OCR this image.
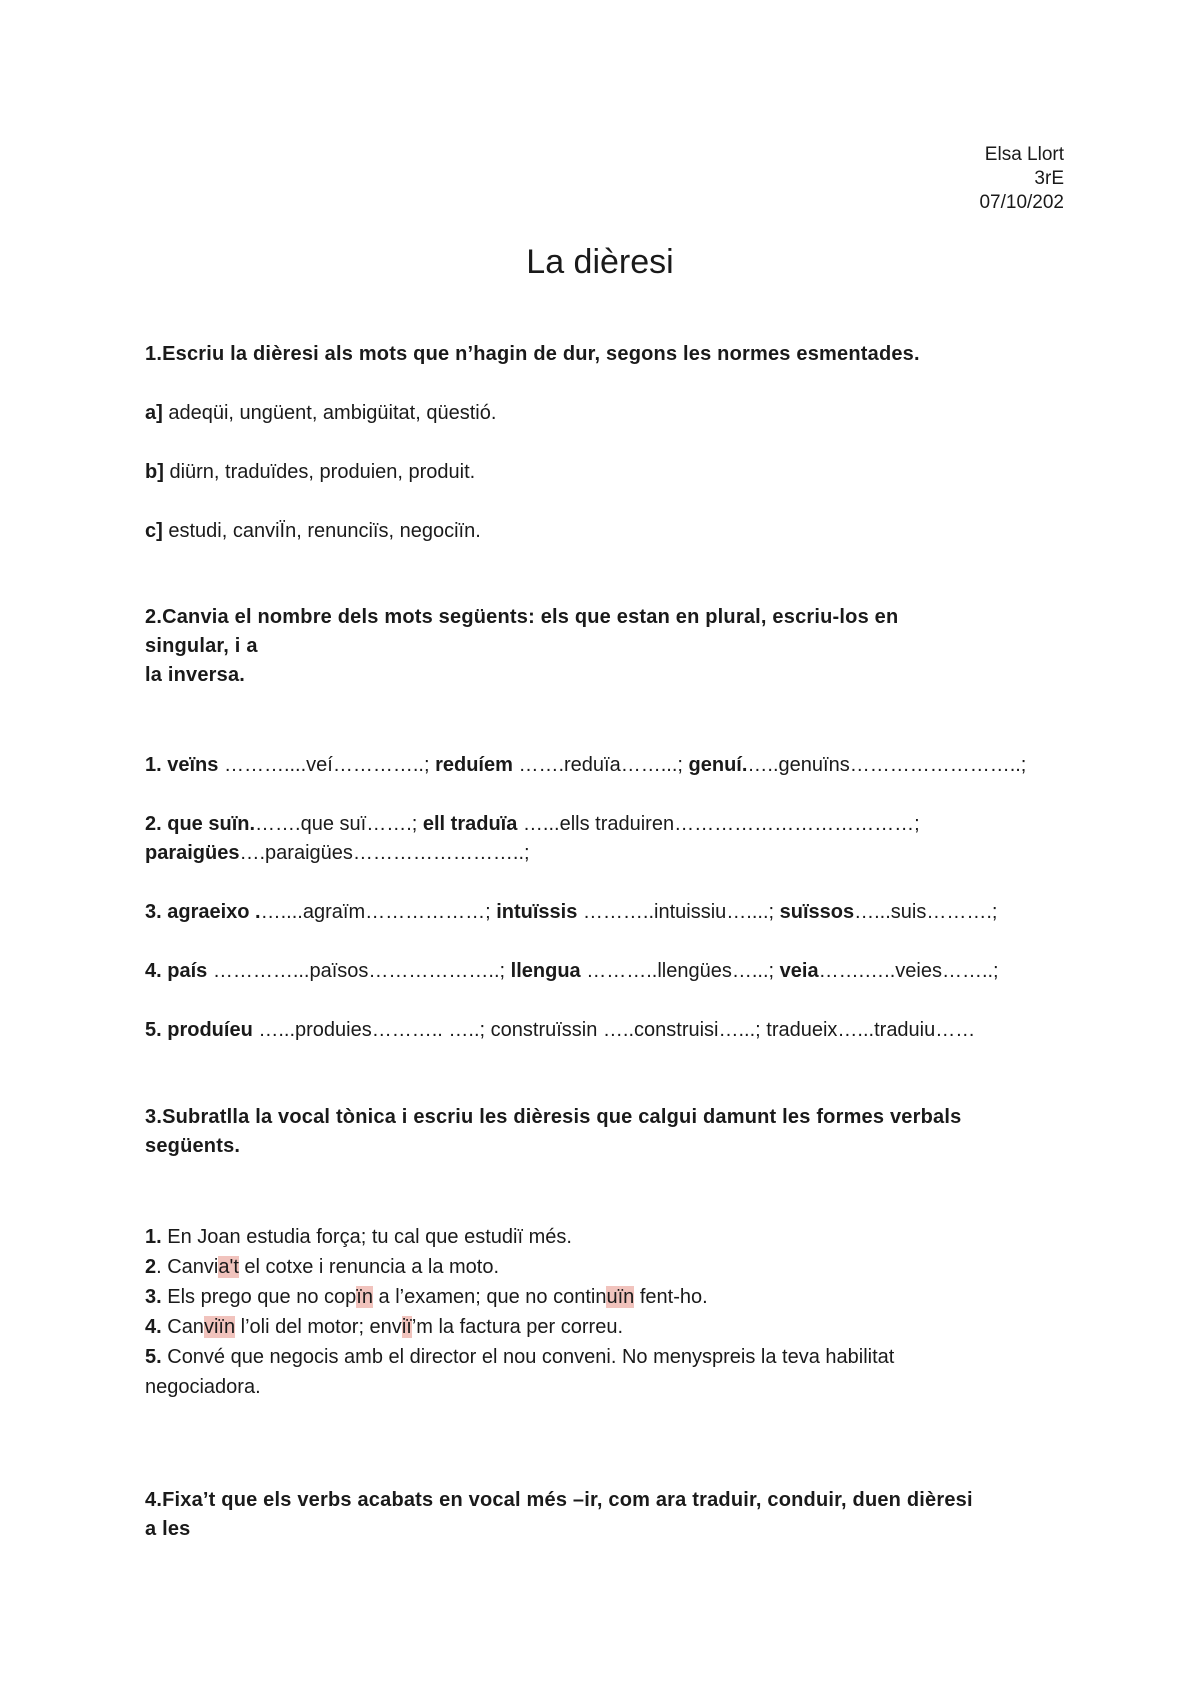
Elsa Llort
3rE
07/10/202
La dièresi
1.Escriu la dièresi als mots que n’hagin de dur, segons les normes esmentades.
a] adeqüi, ungüent, ambigüitat, qüestió.
b] diürn, traduïdes, produien, produit.
c] estudi, canviÏn, renunciïs, negociïn.
2.Canvia el nombre dels mots següents: els que estan en plural, escriu-los en
singular, i a
la inversa.
1. veïns ………....veí…………..; reduíem …….reduïa……...; genuí.…..genuïns……………………..;
2. que suïn.…….que suï…….; ell traduïa …...ells traduiren………………………………; paraigües….paraigües……………………..;
3. agraeixo .…....agraïm………………; intuïssis ………..intuissiu…....; suïssos…...suis……….;
4. país …………...països………………..; llengua ………..llengües…...; veia…….…..veies……..;
5. produíeu …...produies……….. …..; construïssin …..construisi…...; tradueix…...traduiu……
3.Subratlla la vocal tònica i escriu les dièresis que calgui damunt les formes verbals
següents.
1. En Joan estudia força; tu cal que estudiï més.
2. Canvia't el cotxe i renuncia a la moto.
3. Els prego que no copïn a l’examen; que no continuïn fent-ho.
4. Canviïn l’oli del motor; enviï’m la factura per correu.
5. Convé que negocis amb el director el nou conveni. No menyspreis la teva habilitat
negociadora.
4.Fixa’t que els verbs acabats en vocal més –ir, com ara traduir, conduir, duen dièresi
a les
